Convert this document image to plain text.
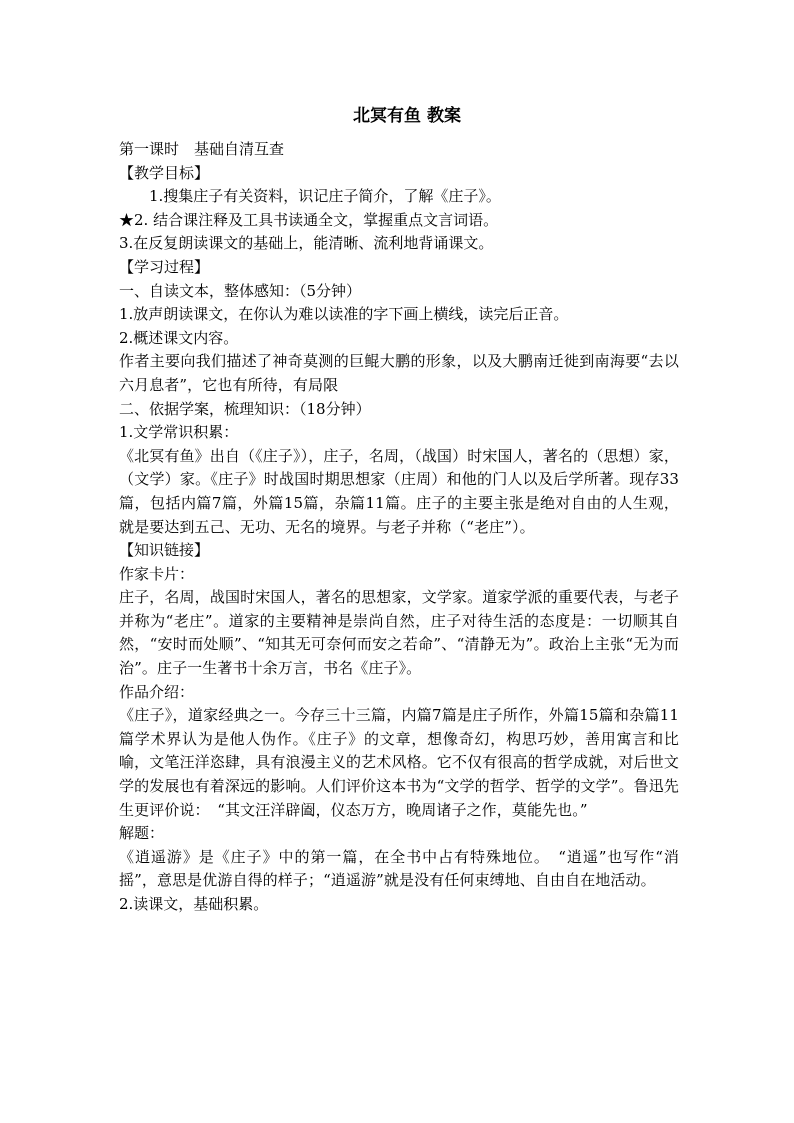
北冥有鱼 教案
第一课时　基础自清互查
【教学目标】
1.搜集庄子有关资料，识记庄子简介，了解《庄子》。
★2. 结合课注释及工具书读通全文，掌握重点文言词语。
3.在反复朗读课文的基础上，能清晰、流利地背诵课文。
【学习过程】
一、自读文本，整体感知：（5分钟）
1.放声朗读课文，在你认为难以读准的字下画上横线，读完后正音。
2.概述课文内容。
作者主要向我们描述了神奇莫测的巨鲲大鹏的形象，以及大鹏南迁徙到南海要“去以六月息者”，它也有所待，有局限
二、依据学案，梳理知识：（18分钟）
1.文学常识积累：
《北冥有鱼》出自（《庄子》），庄子，名周，（战国）时宋国人，著名的（思想）家，（文学）家。《庄子》时战国时期思想家（庄周）和他的门人以及后学所著。现存33篇，包括内篇7篇，外篇15篇，杂篇11篇。庄子的主要主张是绝对自由的人生观，就是要达到五己、无功、无名的境界。与老子并称（“老庄”）。
【知识链接】
作家卡片：
庄子，名周，战国时宋国人，著名的思想家，文学家。道家学派的重要代表，与老子并称为“老庄”。道家的主要精神是崇尚自然，庄子对待生活的态度是：一切顺其自然，“安时而处顺”、“知其无可奈何而安之若命”、“清静无为”。政治上主张“无为而治”。庄子一生著书十余万言，书名《庄子》。
作品介绍：
《庄子》，道家经典之一。今存三十三篇，内篇7篇是庄子所作，外篇15篇和杂篇11篇学术界认为是他人伪作。《庄子》的文章，想像奇幻，构思巧妙，善用寓言和比喻，文笔汪洋恣肆，具有浪漫主义的艺术风格。它不仅有很高的哲学成就，对后世文学的发展也有着深远的影响。人们评价这本书为“文学的哲学、哲学的文学”。鲁迅先生更评价说：　“其文汪洋辟阖，仪态万方，晚周诸子之作，莫能先也。”
解题：
《逍遥游》是《庄子》中的第一篇，在全书中占有特殊地位。　“逍遥”也写作“消摇”，意思是优游自得的样子；“逍遥游”就是没有任何束缚地、自由自在地活动。
2.读课文，基础积累。
